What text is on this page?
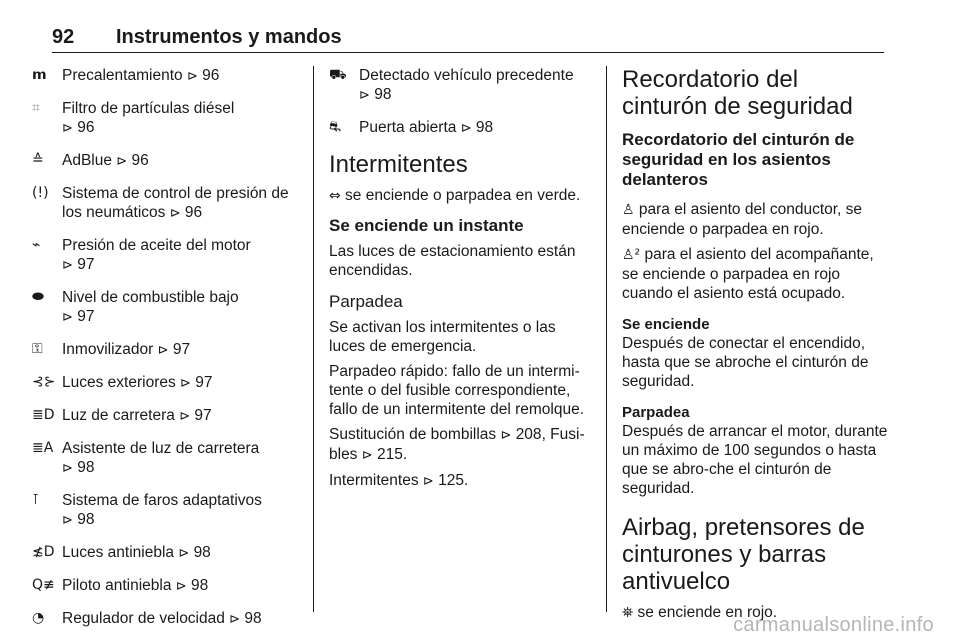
92 Instrumentos y mandos
𝗺 Precalentamiento ⊳ 96
⌗	Filtro de partículas diésel
⊳ 96
≙	AdBlue ⊳ 96
(!) Sistema de control de presión de
los neumáticos ⊳ 96
⌁	Presión de aceite del motor
⊳ 97
⬬	Nivel de combustible bajo
⊳ 97
⚿	Inmovilizador ⊳ 97
⊰⊱ Luces exteriores ⊳ 97
≣D Luz de carretera ⊳ 97
≣A Asistente de luz de carretera
⊳ 98
⊺	Sistema de faros adaptativos
⊳ 98
≴D Luces antiniebla ⊳ 98
Q≢ Piloto antiniebla ⊳ 98
◔	Regulador de velocidad ⊳ 98
⛟ Detectado vehículo precedente
⊳ 98
⛐	Puerta abierta ⊳ 98
Intermitentes

⇔ se enciende o parpadea en verde.

Se enciende un instante

Las luces de estacionamiento están encendidas.

Parpadea

Se activan los intermitentes o las luces de emergencia.

Parpadeo rápido: fallo de un intermi-tente o del fusible correspondiente, fallo de un intermitente del remolque.

Sustitución de bombillas ⊳ 208, Fusi-bles ⊳ 215.

Intermitentes ⊳ 125.

Recordatorio del cinturón de seguridad
Recordatorio del cinturón de seguridad en los asientos delanteros

♙ para el asiento del conductor, se enciende o parpadea en rojo.

♙² para el asiento del acompañante, se enciende o parpadea en rojo cuando el asiento está ocupado.

Se enciende

Después de conectar el encendido, hasta que se abroche el cinturón de seguridad.

Parpadea

Después de arrancar el motor, durante un máximo de 100 segundos o hasta que se abro-che el cinturón de seguridad.

Airbag, pretensores de cinturones y barras antivuelco

⛯ se enciende en rojo.

carmanualsonline.info
